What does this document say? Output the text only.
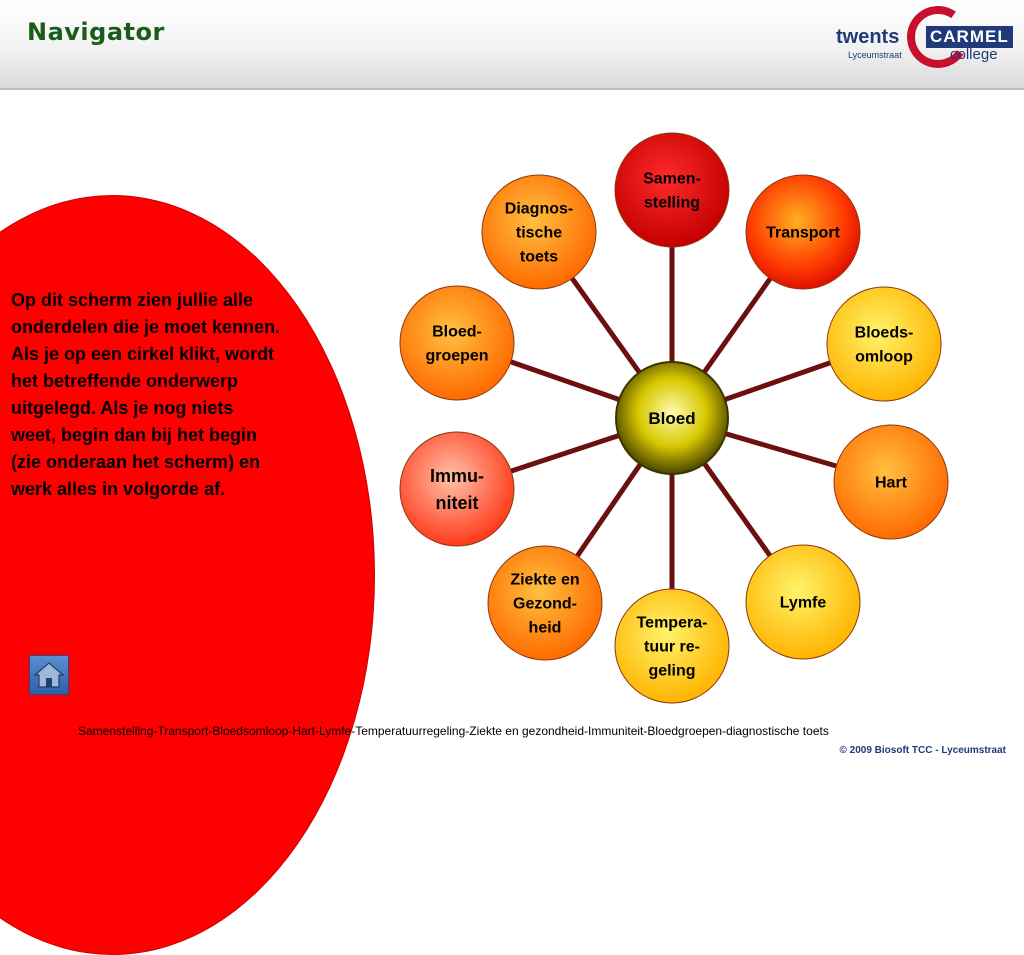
Navigator	twents
Lyceumstraat
CARMEL
college
Op dit scherm zien jullie alle onderdelen die je moet kennen. Als je op een cirkel klikt, wordt het betreffende onderwerp uitgelegd. Als je nog niets weet, begin dan bij het begin (zie onderaan het scherm) en werk alles in volgorde af.
Samen-
stelling
Transport
Bloeds-
omloop
Hart
Lymfe
Tempera-
tuur re-
geling
Ziekte en
Gezond-
heid
Immu-
niteit
Bloed-
groepen
Diagnos-
tische
toets
Bloed
Samenstelling-Transport-Bloedsomloop-Hart-Lymfe-Temperatuurregeling-Ziekte en gezondheid-Immuniteit-Bloedgroepen-diagnostische toets
© 2009 Biosoft TCC - Lyceumstraat
